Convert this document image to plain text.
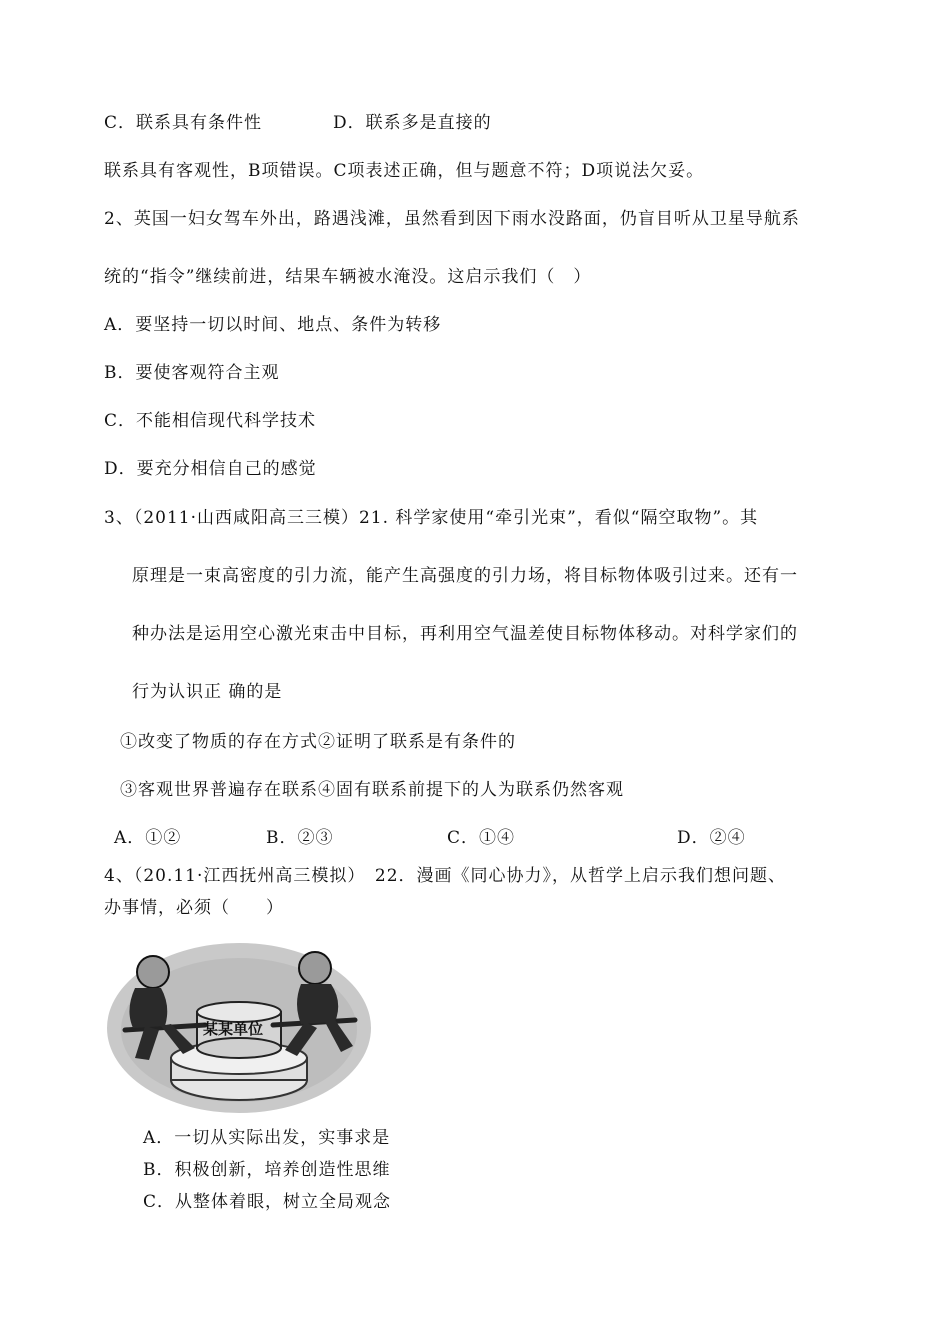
C．联系具有条件性	D．联系多是直接的
联系具有客观性，B项错误。C项表述正确，但与题意不符；D项说法欠妥。
2、英国一妇女驾车外出，路遇浅滩，虽然看到因下雨水没路面，仍盲目听从卫星导航系
统的“指令”继续前进，结果车辆被水淹没。这启示我们（　）
A．要坚持一切以时间、地点、条件为转移
B．要使客观符合主观
C．不能相信现代科学技术
D．要充分相信自己的感觉
3、（2011·山西咸阳高三三模）21. 科学家使用“牵引光束”，看似“隔空取物”。其
原理是一束高密度的引力流，能产生高强度的引力场，将目标物体吸引过来。还有一
种办法是运用空心激光束击中目标，再利用空气温差使目标物体移动。对科学家们的
行为认识正 确的是
①改变了物质的存在方式②证明了联系是有条件的
③客观世界普遍存在联系④固有联系前提下的人为联系仍然客观
A．①②	B．②③	C．①④	D．②④
4、（20.11·江西抚州高三模拟）　22．漫画《同心协力》，从哲学上启示我们想问题、
办事情，必须（　　）
某某单位
A．一切从实际出发，实事求是
B．积极创新，培养创造性思维
C．从整体着眼，树立全局观念
